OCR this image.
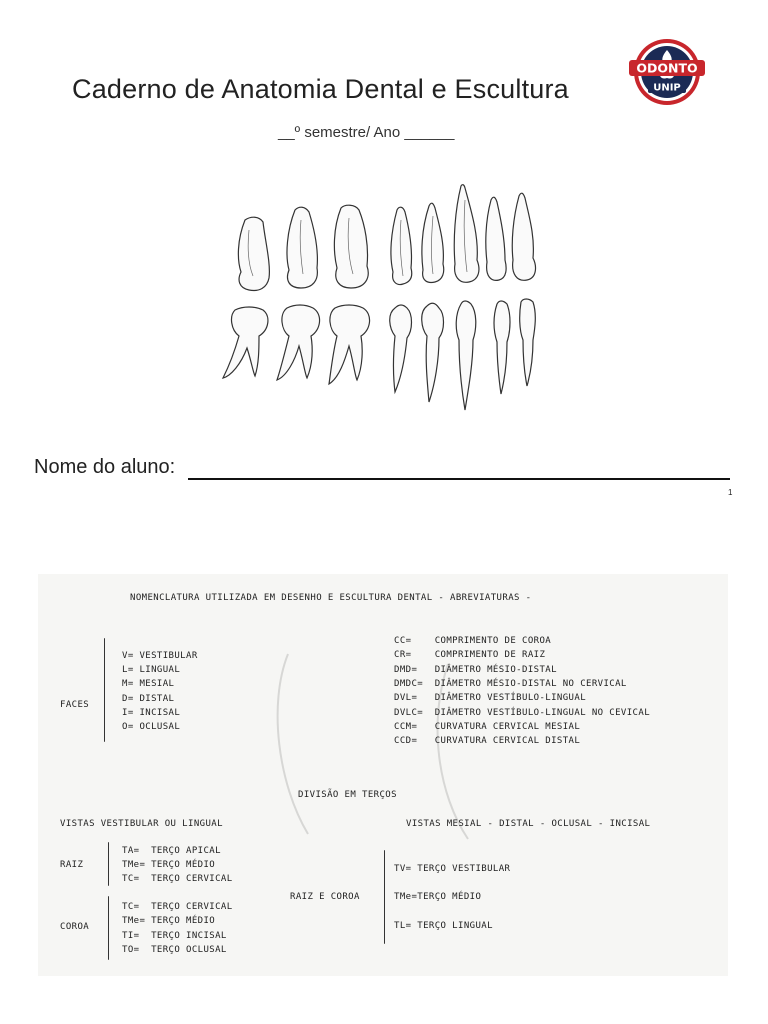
Caderno de Anatomia Dental e Escultura
__º semestre/ Ano ______
ODONTO
UNIP
Nome do aluno:
1
NOMENCLATURA UTILIZADA EM DESENHO E ESCULTURA DENTAL - ABREVIATURAS -
FACES
V= VESTIBULAR
L= LINGUAL
M= MESIAL
D= DISTAL
I= INCISAL
O= OCLUSAL
CC=    COMPRIMENTO DE COROA
CR=    COMPRIMENTO DE RAIZ
DMD=   DIÂMETRO MÉSIO-DISTAL
DMDC=  DIÂMETRO MÉSIO-DISTAL NO CERVICAL
DVL=   DIÂMETRO VESTÍBULO-LINGUAL
DVLC=  DIÂMETRO VESTÍBULO-LINGUAL NO CEVICAL
CCM=   CURVATURA CERVICAL MESIAL
CCD=   CURVATURA CERVICAL DISTAL
DIVISÃO EM TERÇOS
VISTAS VESTIBULAR OU LINGUAL	VISTAS MESIAL - DISTAL - OCLUSAL - INCISAL
RAIZ
TA=  TERÇO APICAL
TMe= TERÇO MÉDIO
TC=  TERÇO CERVICAL
COROA
TC=  TERÇO CERVICAL
TMe= TERÇO MÉDIO
TI=  TERÇO INCISAL
TO=  TERÇO OCLUSAL
RAIZ E COROA
TV= TERÇO VESTIBULAR
TMe=TERÇO MÉDIO
TL= TERÇO LINGUAL
